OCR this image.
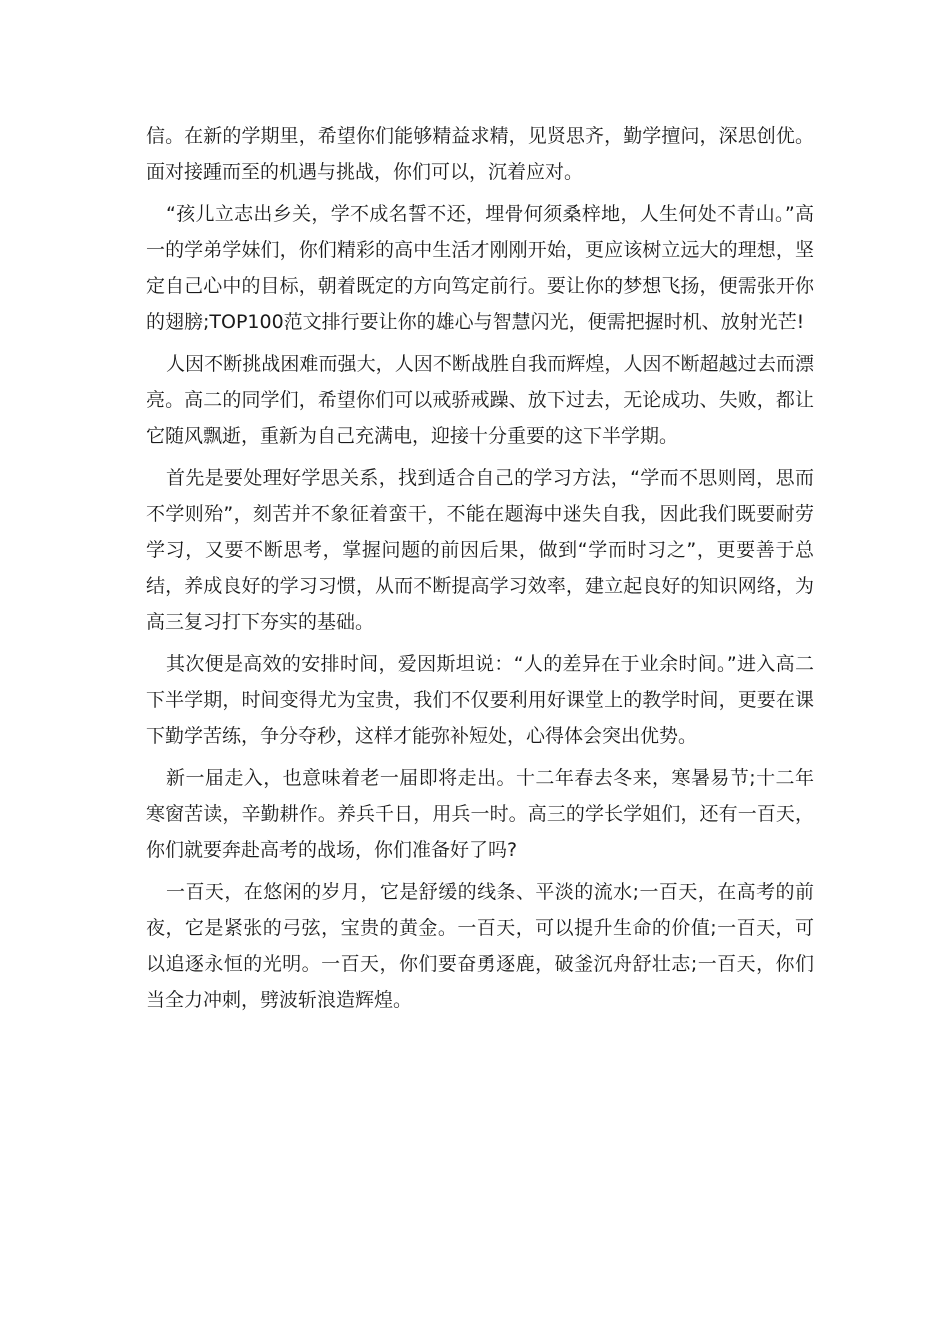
信。在新的学期里，希望你们能够精益求精，见贤思齐，勤学擅问，深思创优。面对接踵而至的机遇与挑战，你们可以，沉着应对。

“孩儿立志出乡关，学不成名誓不还，埋骨何须桑梓地，人生何处不青山。”高一的学弟学妹们，你们精彩的高中生活才刚刚开始，更应该树立远大的理想，坚定自己心中的目标，朝着既定的方向笃定前行。要让你的梦想飞扬，便需张开你的翅膀;TOP100范文排行要让你的雄心与智慧闪光，便需把握时机、放射光芒!

人因不断挑战困难而强大，人因不断战胜自我而辉煌，人因不断超越过去而漂亮。高二的同学们，希望你们可以戒骄戒躁、放下过去，无论成功、失败，都让它随风飘逝，重新为自己充满电，迎接十分重要的这下半学期。

首先是要处理好学思关系，找到适合自己的学习方法，“学而不思则罔，思而不学则殆”，刻苦并不象征着蛮干，不能在题海中迷失自我，因此我们既要耐劳学习，又要不断思考，掌握问题的前因后果，做到“学而时习之”，更要善于总结，养成良好的学习习惯，从而不断提高学习效率，建立起良好的知识网络，为高三复习打下夯实的基础。

其次便是高效的安排时间，爱因斯坦说：“人的差异在于业余时间。”进入高二下半学期，时间变得尤为宝贵，我们不仅要利用好课堂上的教学时间，更要在课下勤学苦练，争分夺秒，这样才能弥补短处，心得体会突出优势。

新一届走入，也意味着老一届即将走出。十二年春去冬来，寒暑易节;十二年寒窗苦读，辛勤耕作。养兵千日，用兵一时。高三的学长学姐们，还有一百天，你们就要奔赴高考的战场，你们准备好了吗?

一百天，在悠闲的岁月，它是舒缓的线条、平淡的流水;一百天，在高考的前夜，它是紧张的弓弦，宝贵的黄金。一百天，可以提升生命的价值;一百天，可以追逐永恒的光明。一百天，你们要奋勇逐鹿，破釜沉舟舒壮志;一百天，你们当全力冲刺，劈波斩浪造辉煌。
